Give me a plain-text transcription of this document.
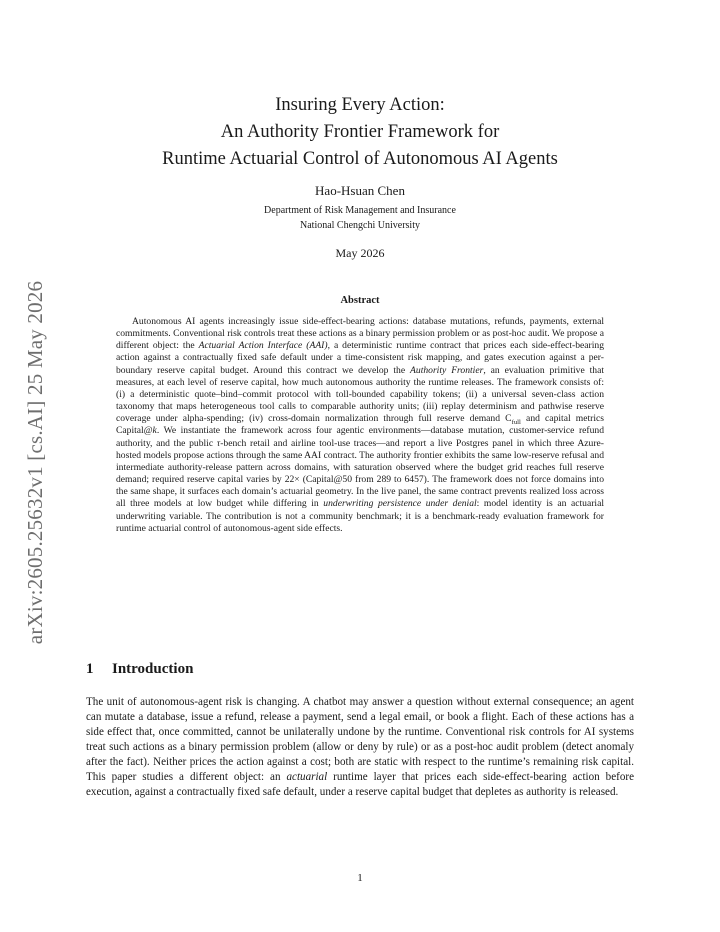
arXiv:2605.25632v1 [cs.AI] 25 May 2026
Insuring Every Action:
An Authority Frontier Framework for
Runtime Actuarial Control of Autonomous AI Agents
Hao-Hsuan Chen
Department of Risk Management and Insurance
National Chengchi University
May 2026
Abstract

Autonomous AI agents increasingly issue side-effect-bearing actions: database mutations, refunds, payments, external commitments. Conventional risk controls treat these actions as a binary permission problem or as post-hoc audit. We propose a different object: the Actuarial Action Interface (AAI), a deterministic runtime contract that prices each side-effect-bearing action against a contractually fixed safe default under a time-consistent risk mapping, and gates execution against a per-boundary reserve capital budget. Around this contract we develop the Authority Frontier, an evaluation primitive that measures, at each level of reserve capital, how much autonomous authority the runtime releases. The framework consists of: (i) a deterministic quote–bind–commit protocol with toll-bounded capability tokens; (ii) a universal seven-class action taxonomy that maps heterogeneous tool calls to comparable authority units; (iii) replay determinism and pathwise reserve coverage under alpha-spending; (iv) cross-domain normalization through full reserve demand $C_{full}$ and capital metrics Capital@k. We instantiate the framework across four agentic environments—database mutation, customer-service refund authority, and the public τ-bench retail and airline tool-use traces—and report a live Postgres panel in which three Azure-hosted models propose actions through the same AAI contract. The authority frontier exhibits the same low-reserve refusal and intermediate authority-release pattern across domains, with saturation observed where the budget grid reaches full reserve demand; required reserve capital varies by 22× (Capital@50 from 289 to 6457). The framework does not force domains into the same shape, it surfaces each domain’s actuarial geometry. In the live panel, the same contract prevents realized loss across all three models at low budget while differing in underwriting persistence under denial: model identity is an actuarial underwriting variable. The contribution is not a community benchmark; it is a benchmark-ready evaluation framework for runtime actuarial control of autonomous-agent side effects.

1 Introduction

The unit of autonomous-agent risk is changing. A chatbot may answer a question without external consequence; an agent can mutate a database, issue a refund, release a payment, send a legal email, or book a flight. Each of these actions has a side effect that, once committed, cannot be unilaterally undone by the runtime. Conventional risk controls for AI systems treat such actions as a binary permission problem (allow or deny by rule) or as a post-hoc audit problem (detect anomaly after the fact). Neither prices the action against a cost; both are static with respect to the runtime’s remaining risk capital. This paper studies a different object: an actuarial runtime layer that prices each side-effect-bearing action before execution, against a contractually fixed safe default, under a reserve capital budget that depletes as authority is released.

1
